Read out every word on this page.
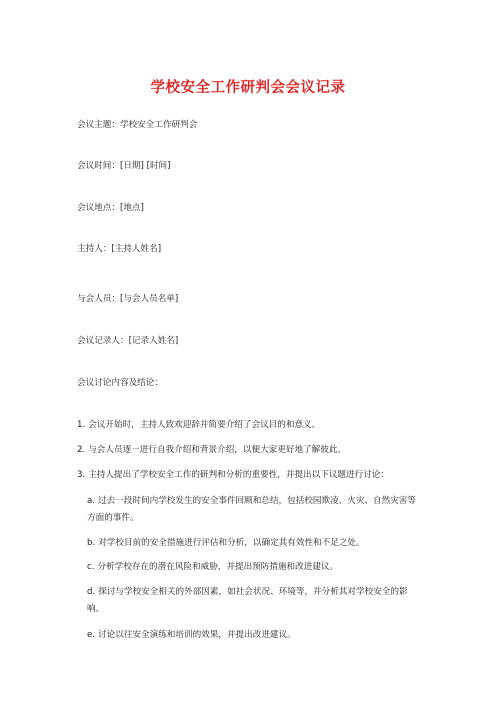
学校安全工作研判会会议记录
会议主题：学校安全工作研判会
会议时间：[日期] [时间]
会议地点：[地点]
主持人：[主持人姓名]
与会人员：[与会人员名单]
会议记录人：[记录人姓名]
会议讨论内容及结论：
1. 会议开始时，主持人致欢迎辞并简要介绍了会议目的和意义。
2. 与会人员逐一进行自我介绍和背景介绍，以便大家更好地了解彼此。
3. 主持人提出了学校安全工作的研判和分析的重要性，并提出以下议题进行讨论：
a. 过去一段时间内学校发生的安全事件回顾和总结，包括校园欺凌、火灾、自然灾害等方面的事件。
b. 对学校目前的安全措施进行评估和分析，以确定其有效性和不足之处。
c. 分析学校存在的潜在风险和威胁，并提出预防措施和改进建议。
d. 探讨与学校安全相关的外部因素，如社会状况、环境等，并分析其对学校安全的影响。
e. 讨论以往安全演练和培训的效果，并提出改进建议。
